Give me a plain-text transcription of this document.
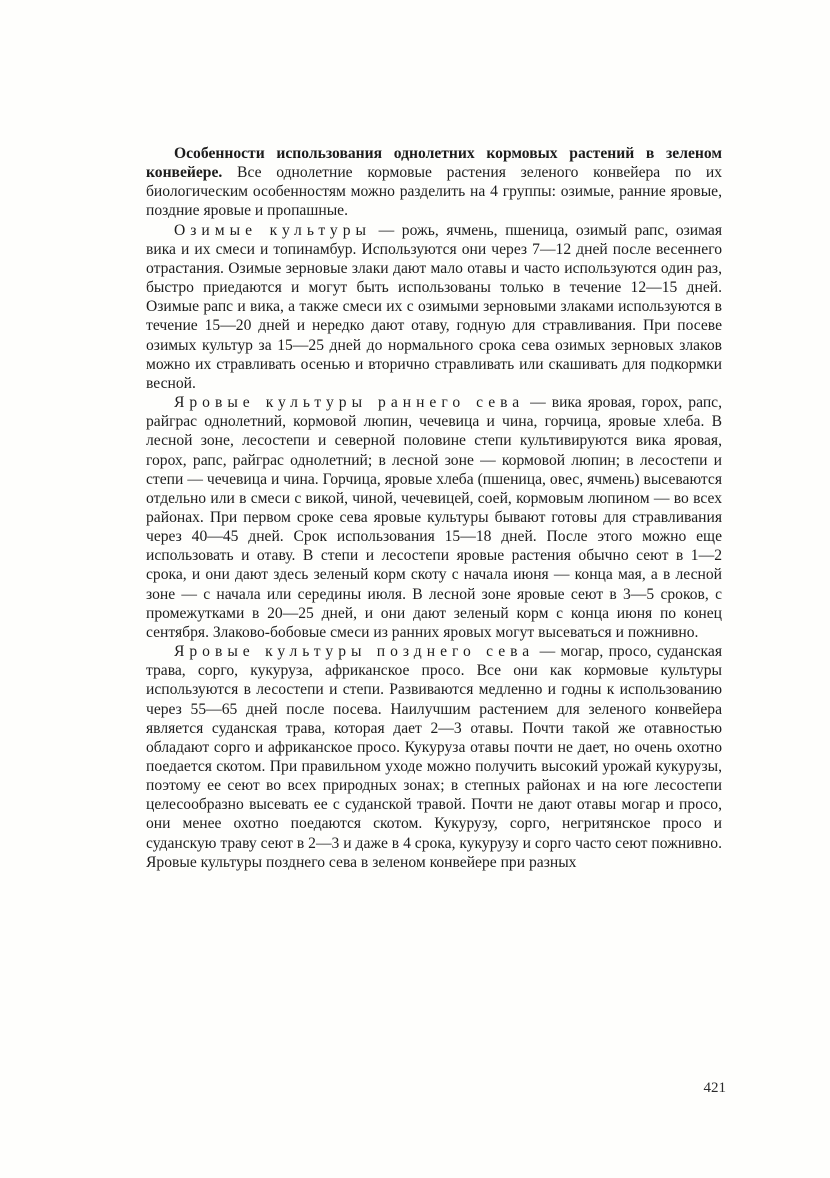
Особенности использования однолетних кормовых растений в зеленом конвейере. Все однолетние кормовые растения зеленого конвейера по их биологическим особенностям можно разделить на 4 группы: озимые, ранние яровые, поздние яровые и пропашные.

Озимые культуры — рожь, ячмень, пшеница, озимый рапс, озимая вика и их смеси и топинамбур. Используются они через 7—12 дней после весеннего отрастания. Озимые зерновые злаки дают мало отавы и часто используются один раз, быстро приедаются и могут быть использованы только в течение 12—15 дней. Озимые рапс и вика, а также смеси их с озимыми зерновыми злаками используются в течение 15—20 дней и нередко дают отаву, годную для стравливания. При посеве озимых культур за 15—25 дней до нормального срока сева озимых зерновых злаков можно их стравливать осенью и вторично стравливать или скашивать для подкормки весной.

Яровые культуры раннего сева — вика яровая, горох, рапс, райграс однолетний, кормовой люпин, чечевица и чина, горчица, яровые хлеба. В лесной зоне, лесостепи и северной половине степи культивируются вика яровая, горох, рапс, райграс однолетний; в лесной зоне — кормовой люпин; в лесостепи и степи — чечевица и чина. Горчица, яровые хлеба (пшеница, овес, ячмень) высеваются отдельно или в смеси с викой, чиной, чечевицей, соей, кормовым люпином — во всех районах. При первом сроке сева яровые культуры бывают готовы для стравливания через 40—45 дней. Срок использования 15—18 дней. После этого можно еще использовать и отаву. В степи и лесостепи яровые растения обычно сеют в 1—2 срока, и они дают здесь зеленый корм скоту с начала июня — конца мая, а в лесной зоне — с начала или середины июля. В лесной зоне яровые сеют в 3—5 сроков, с промежутками в 20—25 дней, и они дают зеленый корм с конца июня по конец сентября. Злаково-бобовые смеси из ранних яровых могут высеваться и пожнивно.

Яровые культуры позднего сева — могар, просо, суданская трава, сорго, кукуруза, африканское просо. Все они как кормовые культуры используются в лесостепи и степи. Развиваются медленно и годны к использованию через 55—65 дней после посева. Наилучшим растением для зеленого конвейера является суданская трава, которая дает 2—3 отавы. Почти такой же отавностью обладают сорго и африканское просо. Кукуруза отавы почти не дает, но очень охотно поедается скотом. При правильном уходе можно получить высокий урожай кукурузы, поэтому ее сеют во всех природных зонах; в степных районах и на юге лесостепи целесообразно высевать ее с суданской травой. Почти не дают отавы могар и просо, они менее охотно поедаются скотом. Кукурузу, сорго, негритянское просо и суданскую траву сеют в 2—3 и даже в 4 срока, кукурузу и сорго часто сеют пожнивно. Яровые культуры позднего сева в зеленом конвейере при разных

421
